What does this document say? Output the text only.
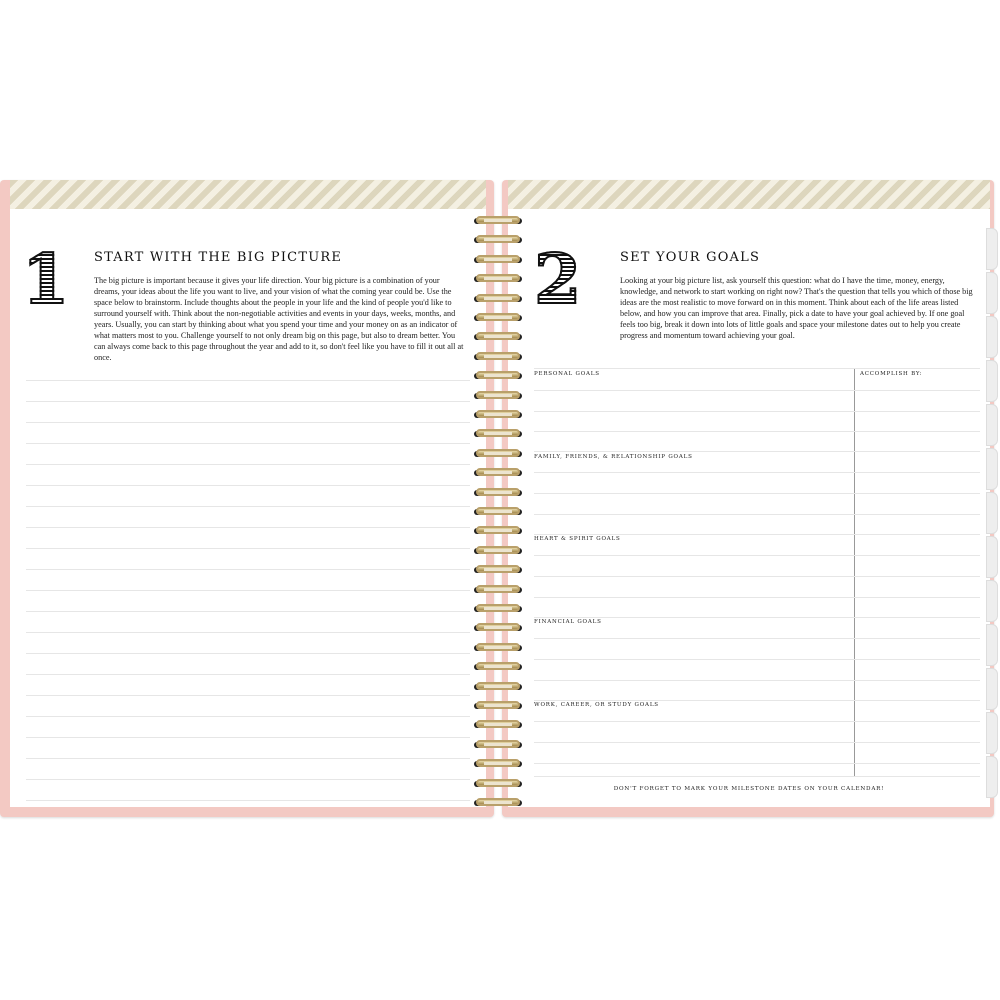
1 START WITH THE BIG PICTURE
The big picture is important because it gives your life direction. Your big picture is a combination of your dreams, your ideas about the life you want to live, and your vision of what the coming year could be. Use the space below to brainstorm. Include thoughts about the people in your life and the kind of people you'd like to surround yourself with. Think about the non-negotiable activities and events in your days, weeks, months, and years. Usually, you can start by thinking about what you spend your time and your money on as an indicator of what matters most to you. Challenge yourself to not only dream big on this page, but also to dream better. You can always come back to this page throughout the year and add to it, so don't feel like you have to fill it out all at once.
2	SET YOUR GOALS
Looking at your big picture list, ask yourself this question: what do I have the time, money, energy, knowledge, and network to start working on right now? That's the question that tells you which of those big ideas are the most realistic to move forward on in this moment. Think about each of the life areas listed below, and how you can improve that area. Finally, pick a date to have your goal achieved by. If one goal feels too big, break it down into lots of little goals and space your milestone dates out to help you create progress and momentum toward achieving your goal.
ACCOMPLISH BY:
PERSONAL GOALS
FAMILY, FRIENDS, & RELATIONSHIP GOALS
HEART & SPIRIT GOALS
FINANCIAL GOALS
WORK, CAREER, OR STUDY GOALS
DON'T FORGET TO MARK YOUR MILESTONE DATES ON YOUR CALENDAR!
